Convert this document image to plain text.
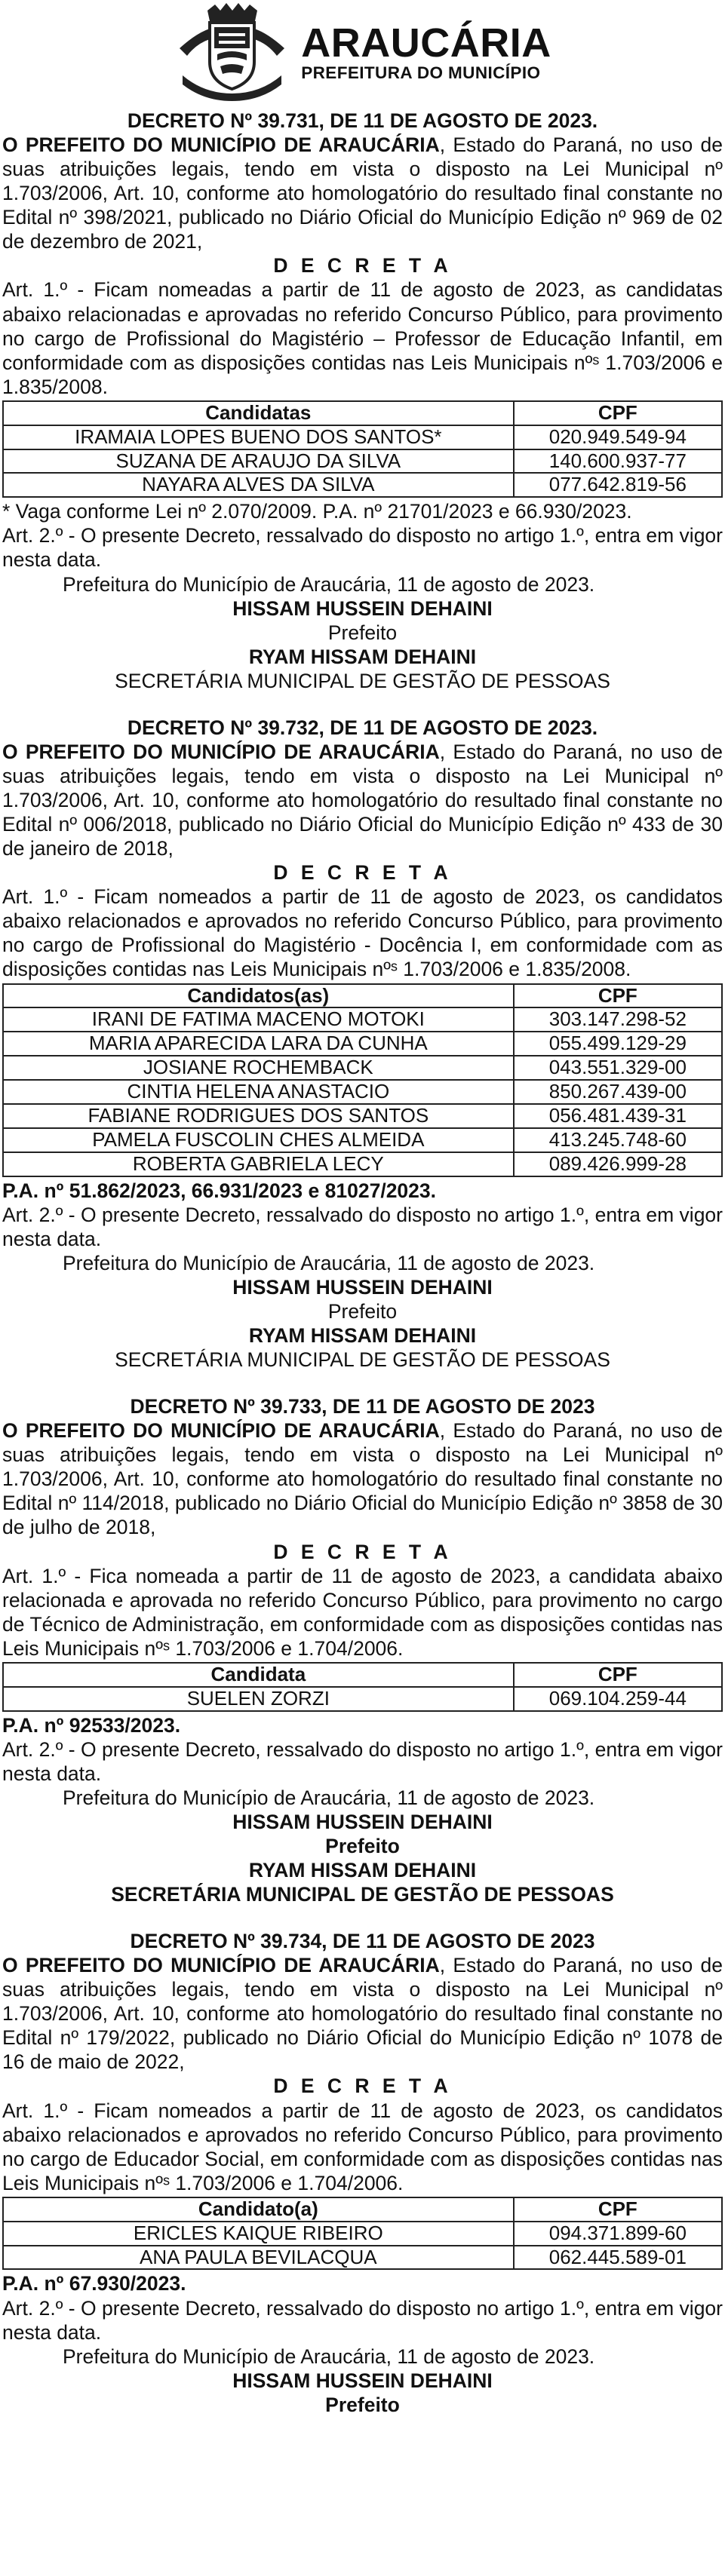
ARAUCÁRIA
PREFEITURA DO MUNICÍPIO
DECRETO Nº 39.731, DE 11 DE AGOSTO DE 2023.

O PREFEITO DO MUNICÍPIO DE ARAUCÁRIA, Estado do Paraná, no uso de suas atribuições legais, tendo em vista o disposto na Lei Municipal nº 1.703/2006, Art. 10, conforme ato homologatório do resultado final constante no Edital nº 398/2021, publicado no Diário Oficial do Município Edição nº 969 de 02 de dezembro de 2021,

D E C R E T A

Art. 1.º - Ficam nomeadas a partir de 11 de agosto de 2023, as candidatas abaixo relacionadas e aprovadas no referido Concurso Público, para provimento no cargo de Profissional do Magistério – Professor de Educação Infantil, em conformidade com as disposições contidas nas Leis Municipais nºˢ 1.703/2006 e 1.835/2008.

Candidatas	CPF
IRAMAIA LOPES BUENO DOS SANTOS*	020.949.549-94
SUZANA DE ARAUJO DA SILVA	140.600.937-77
NAYARA ALVES DA SILVA	077.642.819-56

* Vaga conforme Lei nº 2.070/2009. P.A. nº 21701/2023 e 66.930/2023.

Art. 2.º - O presente Decreto, ressalvado do disposto no artigo 1.º, entra em vigor nesta data.

Prefeitura do Município de Araucária, 11 de agosto de 2023.
HISSAM HUSSEIN DEHAINI
Prefeito
RYAM HISSAM DEHAINI
SECRETÁRIA MUNICIPAL DE GESTÃO DE PESSOAS
DECRETO Nº 39.732, DE 11 DE AGOSTO DE 2023.

O PREFEITO DO MUNICÍPIO DE ARAUCÁRIA, Estado do Paraná, no uso de suas atribuições legais, tendo em vista o disposto na Lei Municipal nº 1.703/2006, Art. 10, conforme ato homologatório do resultado final constante no Edital nº 006/2018, publicado no Diário Oficial do Município Edição nº 433 de 30 de janeiro de 2018,

D E C R E T A

Art. 1.º - Ficam nomeados a partir de 11 de agosto de 2023, os candidatos abaixo relacionados e aprovados no referido Concurso Público, para provimento no cargo de Profissional do Magistério - Docência I, em conformidade com as disposições contidas nas Leis Municipais nºˢ 1.703/2006 e 1.835/2008.

Candidatos(as)	CPF
IRANI DE FATIMA MACENO MOTOKI	303.147.298-52
MARIA APARECIDA LARA DA CUNHA	055.499.129-29
JOSIANE ROCHEMBACK	043.551.329-00
CINTIA HELENA ANASTACIO	850.267.439-00
FABIANE RODRIGUES DOS SANTOS	056.481.439-31
PAMELA FUSCOLIN CHES ALMEIDA	413.245.748-60
ROBERTA GABRIELA LECY	089.426.999-28

P.A. nº 51.862/2023, 66.931/2023 e 81027/2023.

Art. 2.º - O presente Decreto, ressalvado do disposto no artigo 1.º, entra em vigor nesta data.

Prefeitura do Município de Araucária, 11 de agosto de 2023.
HISSAM HUSSEIN DEHAINI
Prefeito
RYAM HISSAM DEHAINI
SECRETÁRIA MUNICIPAL DE GESTÃO DE PESSOAS
DECRETO Nº 39.733, DE 11 DE AGOSTO DE 2023

O PREFEITO DO MUNICÍPIO DE ARAUCÁRIA, Estado do Paraná, no uso de suas atribuições legais, tendo em vista o disposto na Lei Municipal nº 1.703/2006, Art. 10, conforme ato homologatório do resultado final constante no Edital nº 114/2018, publicado no Diário Oficial do Município Edição nº 3858 de 30 de julho de 2018,

D E C R E T A

Art. 1.º - Fica nomeada a partir de 11 de agosto de 2023, a candidata abaixo relacionada e aprovada no referido Concurso Público, para provimento no cargo de Técnico de Administração, em conformidade com as disposições contidas nas Leis Municipais nºˢ 1.703/2006 e 1.704/2006.

Candidata	CPF
SUELEN ZORZI	069.104.259-44

P.A. nº 92533/2023.

Art. 2.º - O presente Decreto, ressalvado do disposto no artigo 1.º, entra em vigor nesta data.

Prefeitura do Município de Araucária, 11 de agosto de 2023.
HISSAM HUSSEIN DEHAINI
Prefeito
RYAM HISSAM DEHAINI
SECRETÁRIA MUNICIPAL DE GESTÃO DE PESSOAS
DECRETO Nº 39.734, DE 11 DE AGOSTO DE 2023

O PREFEITO DO MUNICÍPIO DE ARAUCÁRIA, Estado do Paraná, no uso de suas atribuições legais, tendo em vista o disposto na Lei Municipal nº 1.703/2006, Art. 10, conforme ato homologatório do resultado final constante no Edital nº 179/2022, publicado no Diário Oficial do Município Edição nº 1078 de 16 de maio de 2022,

D E C R E T A

Art. 1.º - Ficam nomeados a partir de 11 de agosto de 2023, os candidatos abaixo relacionados e aprovados no referido Concurso Público, para provimento no cargo de Educador Social, em conformidade com as disposições contidas nas Leis Municipais nºˢ 1.703/2006 e 1.704/2006.

Candidato(a)	CPF
ERICLES KAIQUE RIBEIRO	094.371.899-60
ANA PAULA BEVILACQUA	062.445.589-01

P.A. nº 67.930/2023.

Art. 2.º - O presente Decreto, ressalvado do disposto no artigo 1.º, entra em vigor nesta data.

Prefeitura do Município de Araucária, 11 de agosto de 2023.
HISSAM HUSSEIN DEHAINI
Prefeito
